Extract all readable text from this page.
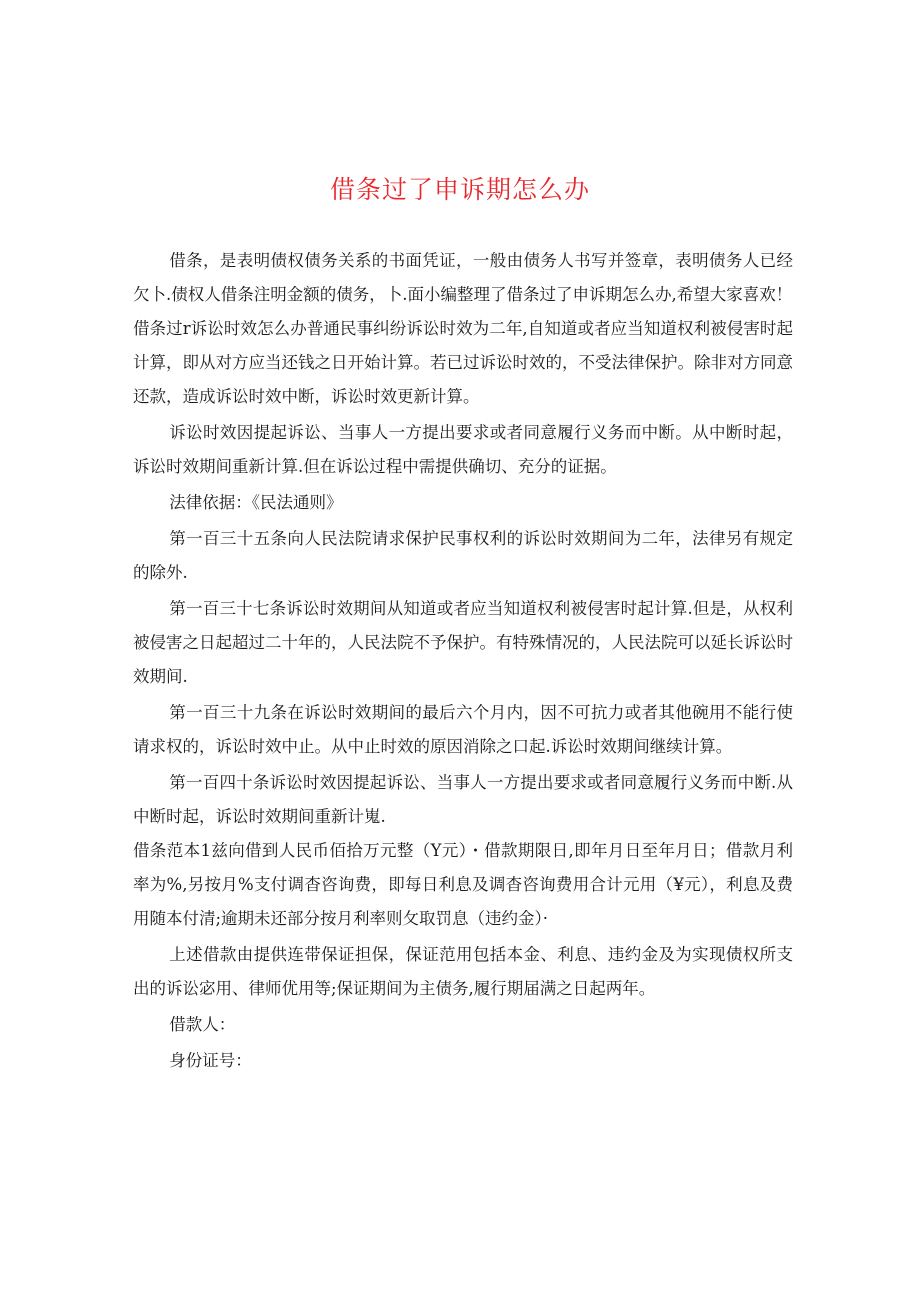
借条过了申诉期怎么办

借条，是表明债权债务关系的书面凭证，一般由债务人书写并签章，表明债务人已经欠卜.债权人借条注明金额的债务，卜.面小编整理了借条过了申诉期怎么办,希望大家喜欢！

借条过r诉讼时效怎么办普通民事纠纷诉讼时效为二年,自知道或者应当知道权利被侵害时起计算，即从对方应当还钱之日开始计算。若已过诉讼时效的，不受法律保护。除非对方同意还款，造成诉讼时效中断，诉讼时效更新计算。

诉讼时效因提起诉讼、当事人一方提出要求或者同意履行义务而中断。从中断时起，诉讼时效期间重新计算.但在诉讼过程中需提供确切、充分的证据。

法律依据：《民法通则》

第一百三十五条向人民法院请求保护民事权利的诉讼时效期间为二年，法律另有规定的除外.

第一百三十七条诉讼时效期间从知道或者应当知道权利被侵害时起计算.但是，从权利被侵害之日起超过二十年的，人民法院不予保护。有特殊情况的，人民法院可以延长诉讼时效期间.

第一百三十九条在诉讼时效期间的最后六个月内，因不可抗力或者其他碗用不能行使请求权的，诉讼时效中止。从中止时效的原因消除之口起.诉讼时效期间继续计算。

第一百四十条诉讼时效因提起诉讼、当事人一方提出要求或者同意履行义务而中断.从中断时起，诉讼时效期间重新计嵬.

借条范本1兹向借到人民币佰拾万元整（Y元）・借款期限日,即年月日至年月日；借款月利率为%,另按月%支付调杳咨询费，即每日利息及调杳咨询费用合计元用（¥元），利息及费用随本付清;逾期未还部分按月利率则攵取罚息（违约金）·

上述借款由提供连带保证担保，保证范用包括本金、利息、违约金及为实现债权所支出的诉讼宓用、律师优用等;保证期间为主债务,履行期届满之日起两年。

借款人：

身份证号：
